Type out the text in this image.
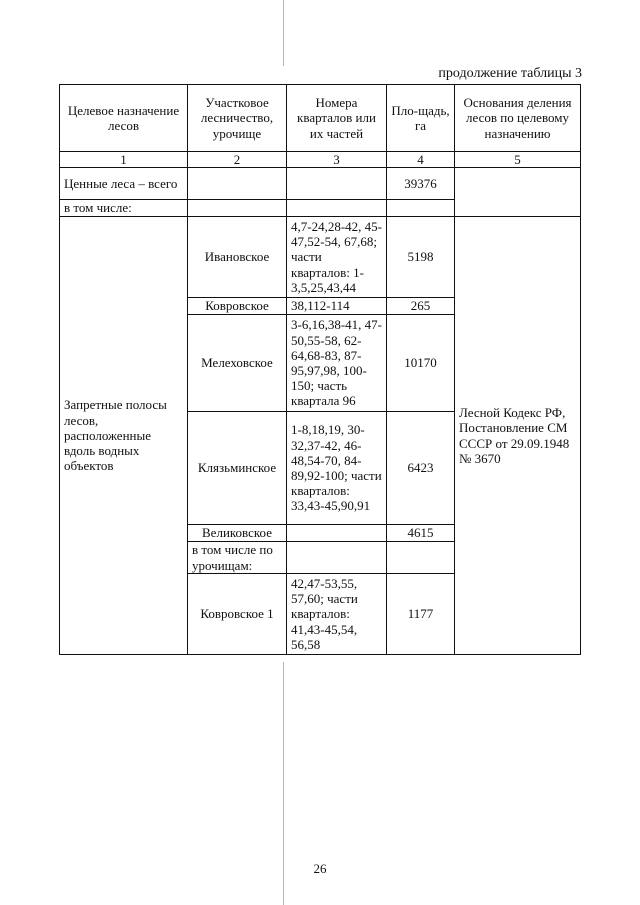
продолжение таблицы 3
Целевое назначение лесов	Участковое лесничество, урочище	Номера кварталов или их частей	Пло-щадь, га	Основания деления лесов по целевому назначению
1	2	3	4	5
Ценные леса – всего			39376	
в том числе:				
Запретные полосы лесов, расположенные вдоль водных объектов	Ивановское	4,7-24,28-42, 45-47,52-54, 67,68; части кварталов: 1-3,5,25,43,44	5198	Лесной Кодекс РФ, Постановление СМ СССР от 29.09.1948 № 3670
	Ковровское	38,112-114	265	
	Мелеховское	3-6,16,38-41, 47-50,55-58, 62-64,68-83, 87-95,97,98, 100-150; часть квартала 96	10170	
	Клязьминское	1-8,18,19, 30-32,37-42, 46-48,54-70, 84-89,92-100; части кварталов: 33,43-45,90,91	6423	
	Великовское		4615	
	в том числе по урочищам:			
	Ковровское 1	42,47-53,55, 57,60; части кварталов: 41,43-45,54, 56,58	1177	
26
